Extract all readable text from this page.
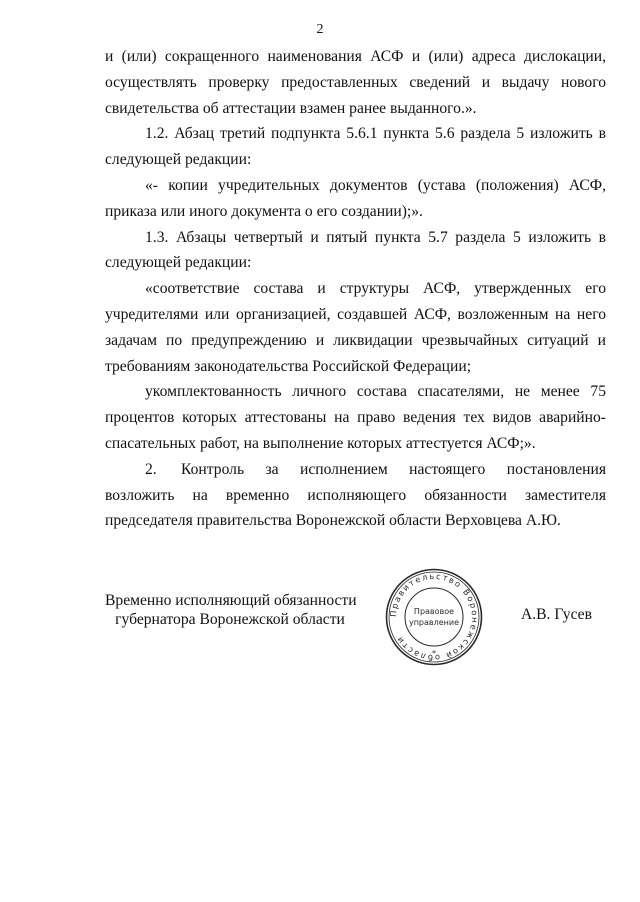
2

и (или) сокращенного наименования АСФ и (или) адреса дислокации, осуществлять проверку предоставленных сведений и выдачу нового свидетельства об аттестации взамен ранее выданного.».

1.2. Абзац третий подпункта 5.6.1 пункта 5.6 раздела 5 изложить в следующей редакции:

«- копии учредительных документов (устава (положения) АСФ, приказа или иного документа о его создании);».

1.3. Абзацы четвертый и пятый пункта 5.7 раздела 5 изложить в следующей редакции:

«соответствие состава и структуры АСФ, утвержденных его учредителями или организацией, создавшей АСФ, возложенным на него задачам по предупреждению и ликвидации чрезвычайных ситуаций и требованиям законодательства Российской Федерации;

укомплектованность личного состава спасателями, не менее 75 процентов которых аттестованы на право ведения тех видов аварийно-спасательных работ, на выполнение которых аттестуется АСФ;».

2. Контроль за исполнением настоящего постановления возложить на временно исполняющего обязанности заместителя председателя правительства Воронежской области Верховцева А.Ю.

Временно исполняющий обязанности
губернатора Воронежской области	Правительство Воронежской области
Правовое
управление
*
А.В. Гусев
